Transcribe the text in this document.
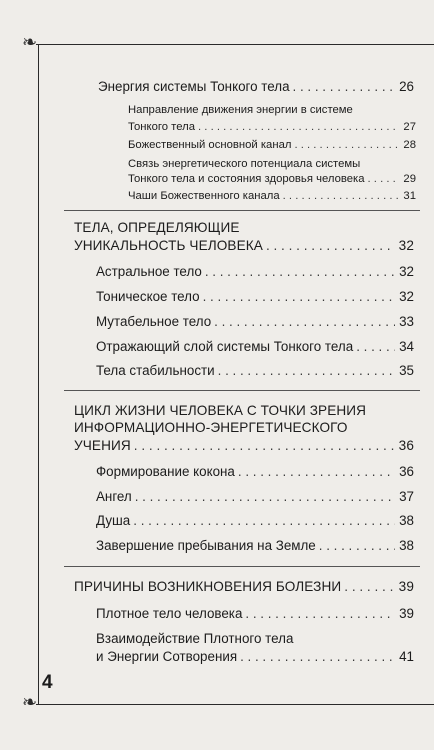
❧
❧
Энергия системы Тонкого тела . . .	26
Направление движения энергии в системе
Тонкого тела . . .	27
Божественный основной канал . . .	28
Связь энергетического потенциала системы
Тонкого тела и состояния здоровья человека . . .	29
Чаши Божественного канала . . .	31
ТЕЛА, ОПРЕДЕЛЯЮЩИЕ
УНИКАЛЬНОСТЬ ЧЕЛОВЕКА . . .	32
Астральное тело . . .	32
Тоническое тело . . .	32
Мутабельное тело . . .	33
Отражающий слой системы Тонкого тела . . .	34
Тела стабильности . . .	35
ЦИКЛ ЖИЗНИ ЧЕЛОВЕКА С ТОЧКИ ЗРЕНИЯ
ИНФОРМАЦИОННО-ЭНЕРГЕТИЧЕСКОГО
УЧЕНИЯ . . .	36
Формирование кокона . . .	36
Ангел . . .	37
Душа . . .	38
Завершение пребывания на Земле . . .	38
ПРИЧИНЫ ВОЗНИКНОВЕНИЯ БОЛЕЗНИ . . .	39
Плотное тело человека . . .	39
Взаимодействие Плотного тела
и Энергии Сотворения . . .	41
4
